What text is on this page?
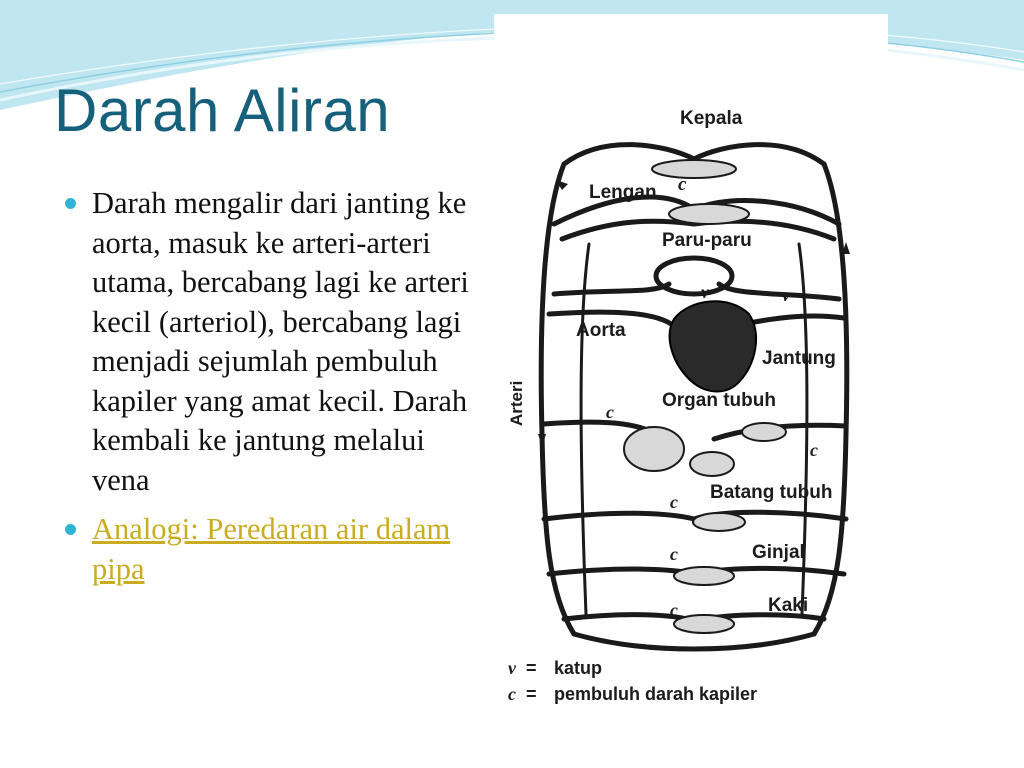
Darah Aliran
Darah mengalir dari janting ke aorta, masuk ke arteri-arteri utama, bercabang lagi ke arteri kecil (arteriol), bercabang lagi menjadi sejumlah pembuluh kapiler yang amat kecil. Darah kembali ke jantung melalui vena
Analogi: Peredaran air dalam pipa
Kepala
Lengan c
Paru-paru
v	v
Aorta
Jantung
Organ tubuh
c
c
Batang tubuh
c
Ginjal
c
Kaki
c
Arteri
v = katup
c = pembuluh darah kapiler
